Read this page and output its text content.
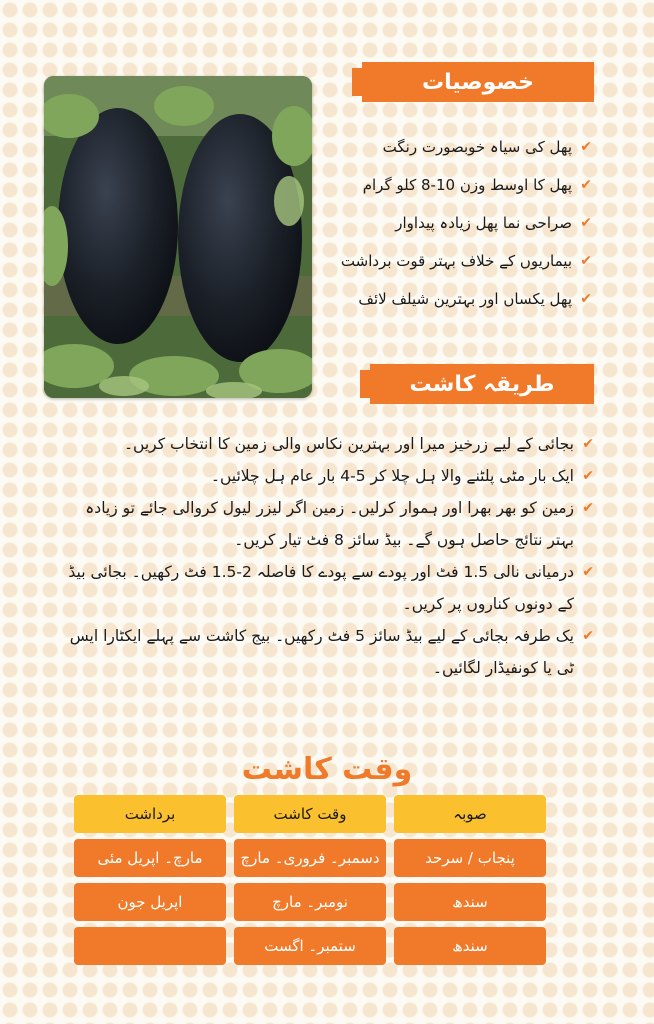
خصوصیات
✔
پھل کی سیاہ خوبصورت رنگت
✔
پھل کا اوسط وزن 10-8 کلو گرام
✔
صراحی نما پھل زیادہ پیداوار
✔
بیماریوں کے خلاف بہتر قوت برداشت
✔
پھل یکساں اور بہترین شیلف لائف
طریقہ کاشت
✔
بجائی کے لیے زرخیز میرا اور بہترین نکاس والی زمین کا انتخاب کریں۔
✔
ایک بار مٹی پلٹنے والا ہل چلا کر 5-4 بار عام ہل چلائیں۔
✔
زمین کو بھر بھرا اور ہموار کرلیں۔ زمین اگر لیزر لیول کروالی جائے تو زیادہ بہتر نتائج حاصل ہوں گے۔ بیڈ سائز 8 فٹ تیار کریں۔
✔
درمیانی نالی 1.5 فٹ اور پودے سے پودے کا فاصلہ 2-1.5 فٹ رکھیں۔ بجائی بیڈ کے دونوں کناروں پر کریں۔
✔
یک طرفہ بجائی کے لیے بیڈ سائز 5 فٹ رکھیں۔ بیج کاشت سے پہلے ایکٹارا ایس ٹی یا کونفیڈار لگائیں۔
وقت کاشت
صوبہ
وقت کاشت
برداشت
پنجاب / سرحد
دسمبر۔ فروری۔ مارچ
مارچ۔ اپریل مئی
سندھ
نومبر۔ مارچ
اپریل جون
سندھ
ستمبر۔ اگست
